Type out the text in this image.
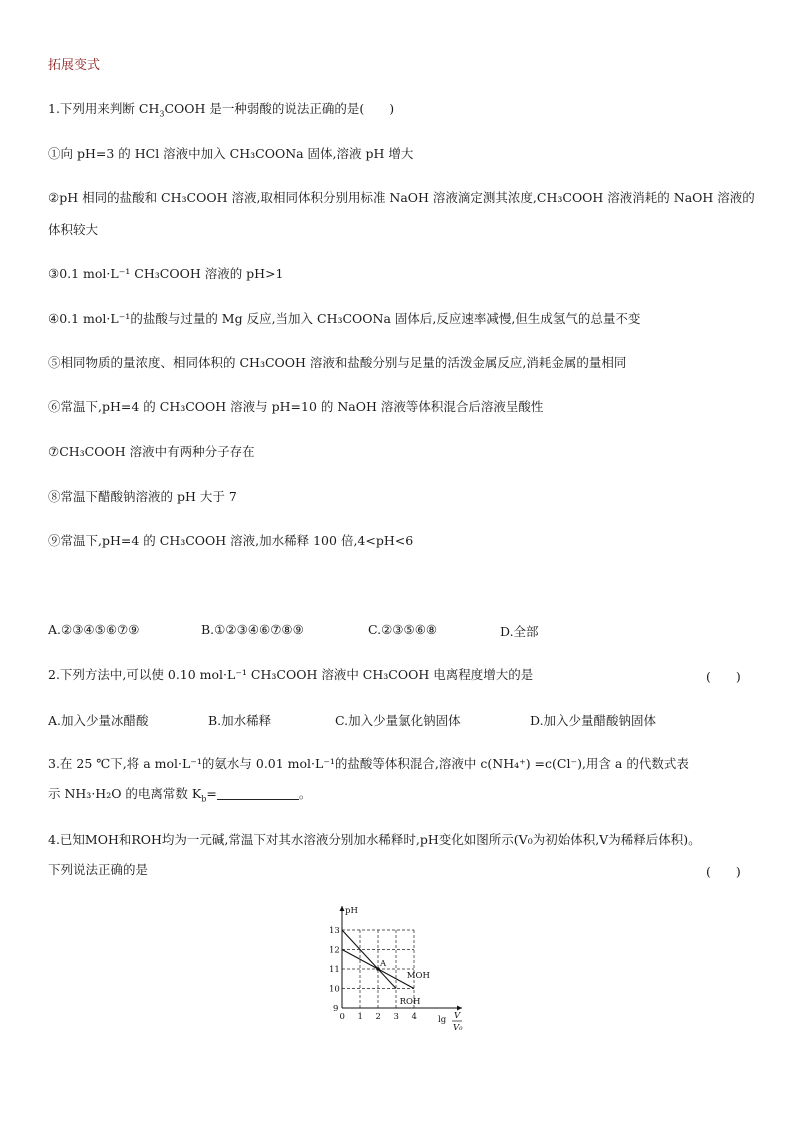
拓展变式
1.下列用来判断 $CH_3COOH$ 是一种弱酸的说法正确的是(　　)
①向 pH=3 的 HCl 溶液中加入 CH₃COONa 固体,溶液 pH 增大
②pH 相同的盐酸和 CH₃COOH 溶液,取相同体积分别用标准 NaOH 溶液滴定测其浓度,CH₃COOH 溶液消耗的 NaOH 溶液的
体积较大
③0.1 mol·L⁻¹ CH₃COOH 溶液的 pH>1
④0.1 mol·L⁻¹的盐酸与过量的 Mg 反应,当加入 CH₃COONa 固体后,反应速率减慢,但生成氢气的总量不变
⑤相同物质的量浓度、相同体积的 CH₃COOH 溶液和盐酸分别与足量的活泼金属反应,消耗金属的量相同
⑥常温下,pH=4 的 CH₃COOH 溶液与 pH=10 的 NaOH 溶液等体积混合后溶液呈酸性
⑦CH₃COOH 溶液中有两种分子存在
⑧常温下醋酸钠溶液的 pH 大于 7
⑨常温下,pH=4 的 CH₃COOH 溶液,加水稀释 100 倍,4<pH<6
A.②③④⑤⑥⑦⑨	B.①②③④⑥⑦⑧⑨	C.②③⑤⑥⑧	D.全部
2.下列方法中,可以使 0.10 mol·L⁻¹ CH₃COOH 溶液中 CH₃COOH 电离程度增大的是	(　　)
A.加入少量冰醋酸	B.加水稀释	C.加入少量氯化钠固体	D.加入少量醋酸钠固体
3.在 25 ℃下,将 a mol·L⁻¹的氨水与 0.01 mol·L⁻¹的盐酸等体积混合,溶液中 c(NH₄⁺) =c(Cl⁻),用含 a 的代数式表
示 NH₃·H₂O 的电离常数 $K_b=$	。
4.已知MOH和ROH均为一元碱,常温下对其水溶液分别加水稀释时,pH变化如图所示(V₀为初始体积,V为稀释后体积)。
下列说法正确的是	(　　)
pH
lg V
V₀
0 1 2 3 4
9
10
11
12
13
A
MOH
ROH
